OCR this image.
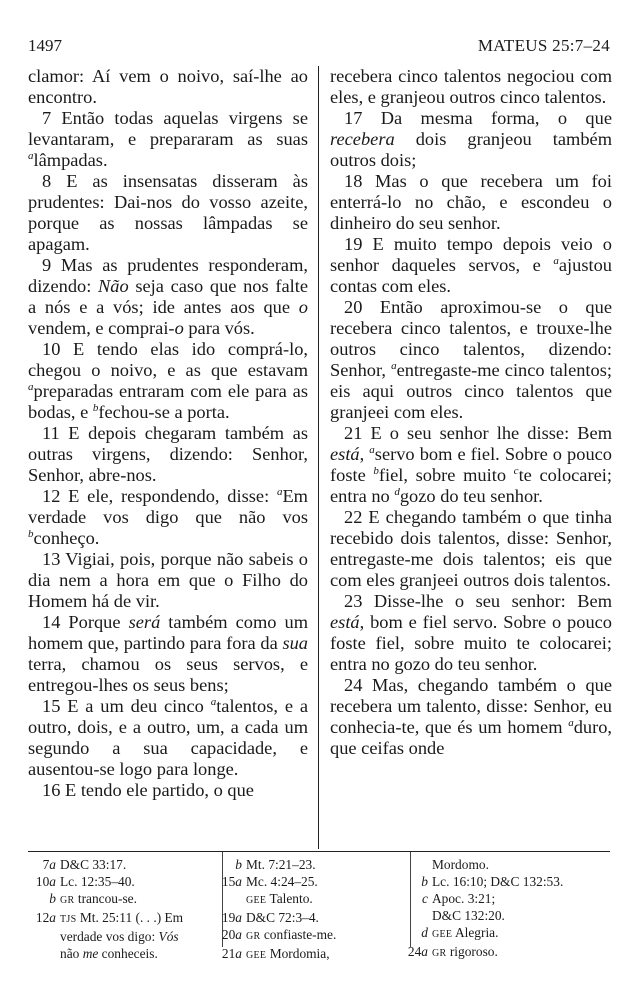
1497	MATEUS 25:7–24

clamor: Aí vem o noivo, saí-lhe ao encontro.

7 Então todas aquelas virgens se levantaram, e prepararam as suas $^a$lâmpadas.

8 E as insensatas disseram às prudentes: Dai-nos do vosso azeite, porque as nossas lâmpadas se apagam.

9 Mas as prudentes responderam, dizendo: Não seja caso que nos falte a nós e a vós; ide antes aos que o vendem, e comprai-o para vós.

10 E tendo elas ido comprá-lo, chegou o noivo, e as que estavam $^a$preparadas entraram com ele para as bodas, e $^b$fechou-se a porta.

11 E depois chegaram também as outras virgens, dizendo: Senhor, Senhor, abre-nos.

12 E ele, respondendo, disse: $^a$Em verdade vos digo que não vos $^b$conheço.

13 Vigiai, pois, porque não sabeis o dia nem a hora em que o Filho do Homem há de vir.

14 Porque será também como um homem que, partindo para fora da sua terra, chamou os seus servos, e entregou-lhes os seus bens;

15 E a um deu cinco $^a$talentos, e a outro, dois, e a outro, um, a cada um segundo a sua capacidade, e ausentou-se logo para longe.

16 E tendo ele partido, o que

recebera cinco talentos negociou com eles, e granjeou outros cinco talentos.

17 Da mesma forma, o que recebera dois granjeou também outros dois;

18 Mas o que recebera um foi enterrá-lo no chão, e escondeu o dinheiro do seu senhor.

19 E muito tempo depois veio o senhor daqueles servos, e $^a$ajustou contas com eles.

20 Então aproximou-se o que recebera cinco talentos, e trouxe-lhe outros cinco talentos, dizendo: Senhor, $^a$entregaste-me cinco talentos; eis aqui outros cinco talentos que granjeei com eles.

21 E o seu senhor lhe disse: Bem está, $^a$servo bom e fiel. Sobre o pouco foste $^b$fiel, sobre muito $^c$te colocarei; entra no $^d$gozo do teu senhor.

22 E chegando também o que tinha recebido dois talentos, disse: Senhor, entregaste-me dois talentos; eis que com eles granjeei outros dois talentos.

23 Disse-lhe o seu senhor: Bem está, bom e fiel servo. Sobre o pouco foste fiel, sobre muito te colocarei; entra no gozo do teu senhor.

24 Mas, chegando também o que recebera um talento, disse: Senhor, eu conhecia-te, que és um homem $^a$duro, que ceifas onde

7a D&C 33:17.
10a Lc. 12:35–40.
b GR trancou-se.
12a TJS Mt. 25:11 (. . .) Em
verdade vos digo: Vós
não me conheceis.
b Mt. 7:21–23.
15a Mc. 4:24–25.
GEE Talento.
19a D&C 72:3–4.
20a GR confiaste-me.
21a GEE Mordomia,
Mordomo.
b Lc. 16:10; D&C 132:53.
c Apoc. 3:21;
D&C 132:20.
d GEE Alegria.
24a GR rigoroso.
